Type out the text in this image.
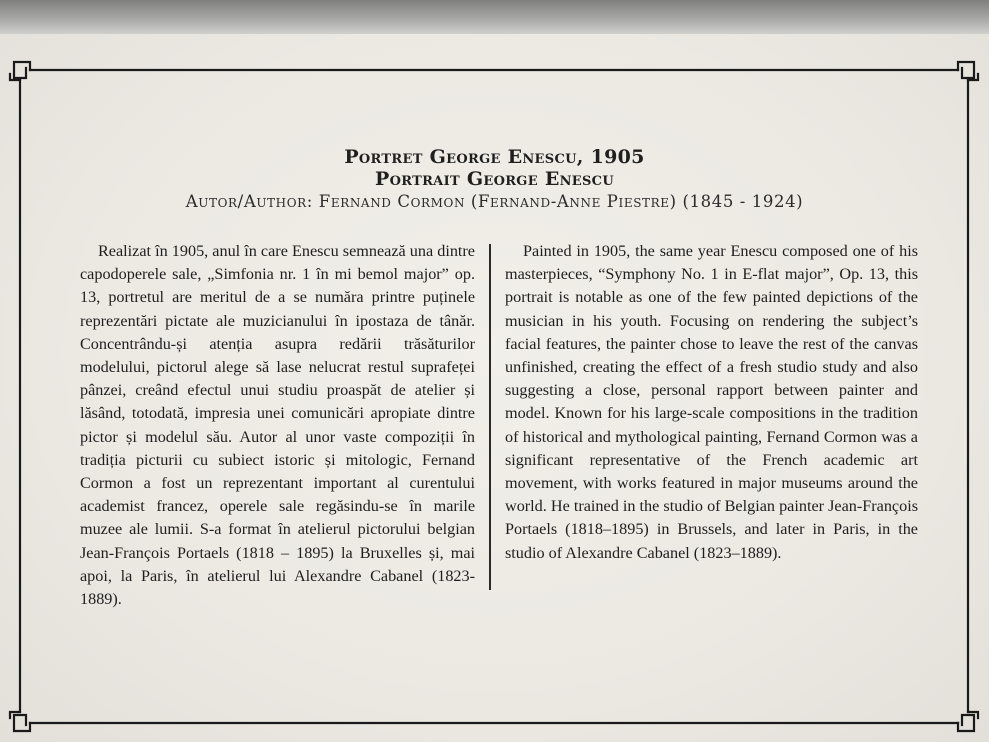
Portret George Enescu, 1905
Portrait George Enescu
Autor/Author: Fernand Cormon (Fernand-Anne Piestre) (1845 - 1924)

Realizat în 1905, anul în care Enescu semnează una dintre capodoperele sale, „Simfonia nr. 1 în mi bemol major” op. 13, portretul are meritul de a se număra printre puținele reprezentări pictate ale muzicianului în ipostaza de tânăr. Concentrându-și atenția asupra redării trăsăturilor modelului, pictorul alege să lase nelucrat restul suprafeței pânzei, creând efectul unui studiu proaspăt de atelier și lăsând, totodată, impresia unei comunicări apropiate dintre pictor și modelul său. Autor al unor vaste compoziții în tradiția picturii cu subiect istoric și mitologic, Fernand Cormon a fost un reprezentant important al curentului academist francez, operele sale regăsindu-se în marile muzee ale lumii. S-a format în atelierul pictorului belgian Jean-François Portaels (1818 – 1895) la Bruxelles și, mai apoi, la Paris, în atelierul lui Alexandre Cabanel (1823-1889).

Painted in 1905, the same year Enescu composed one of his masterpieces, “Symphony No. 1 in E-flat major”, Op. 13, this portrait is notable as one of the few painted depictions of the musician in his youth. Focusing on rendering the subject’s facial features, the painter chose to leave the rest of the canvas unfinished, creating the effect of a fresh studio study and also suggesting a close, personal rapport between painter and model. Known for his large-scale compositions in the tradition of historical and mythological painting, Fernand Cormon was a significant representative of the French academic art movement, with works featured in major museums around the world. He trained in the studio of Belgian painter Jean-François Portaels (1818–1895) in Brussels, and later in Paris, in the studio of Alexandre Cabanel (1823–1889).
